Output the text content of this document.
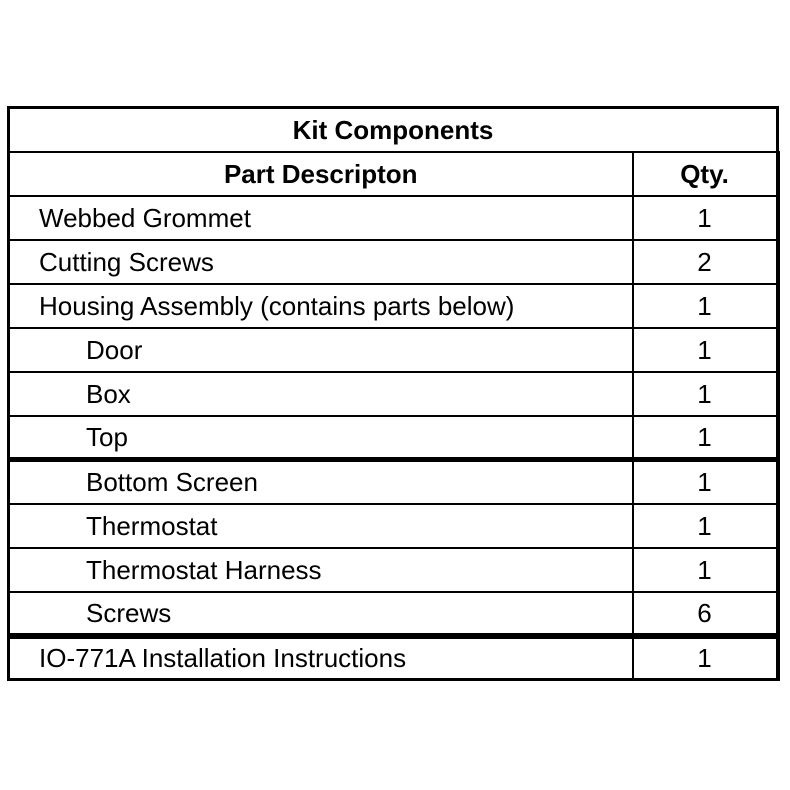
Kit Components	
Part Descripton	Qty.
Webbed Grommet	1
Cutting Screws	2
Housing Assembly (contains parts below)	1
Door	1
Box	1
Top	1
Bottom Screen	1
Thermostat	1
Thermostat Harness	1
Screws	6
IO-771A Installation Instructions	1
